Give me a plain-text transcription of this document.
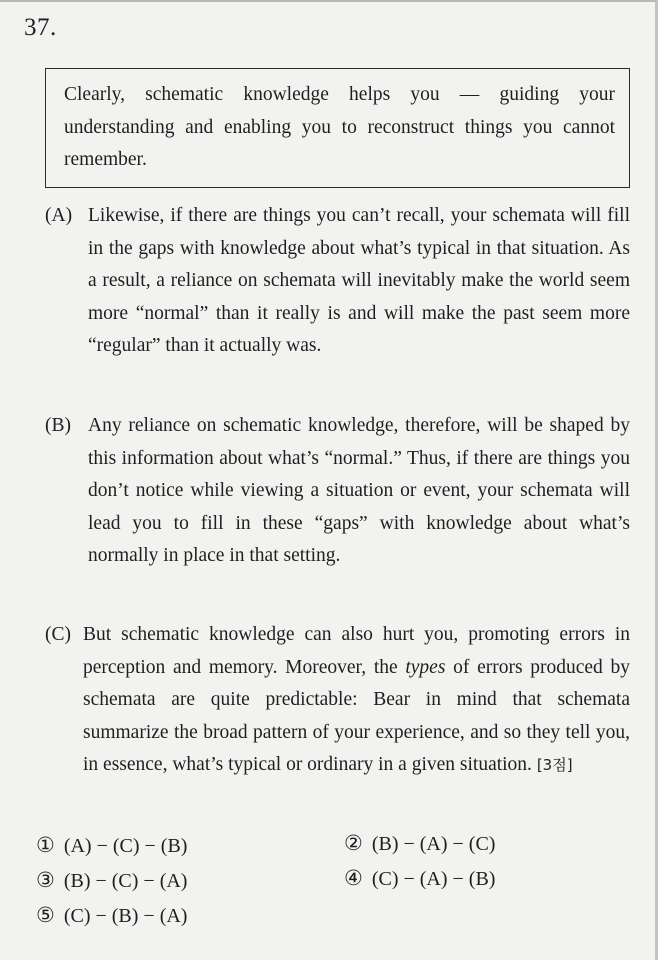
37.
Clearly, schematic knowledge helps you — guiding your understanding and enabling you to reconstruct things you cannot remember.
(A) Likewise, if there are things you can’t recall, your schemata will fill in the gaps with knowledge about what’s typical in that situation. As a result, a reliance on schemata will inevitably make the world seem more “normal” than it really is and will make the past seem more “regular” than it actually was.
(B) Any reliance on schematic knowledge, therefore, will be shaped by this information about what’s “normal.” Thus, if there are things you don’t notice while viewing a situation or event, your schemata will lead you to fill in these “gaps” with knowledge about what’s normally in place in that setting.
(C) But schematic knowledge can also hurt you, promoting errors in perception and memory. Moreover, the types of errors produced by schemata are quite predictable: Bear in mind that schemata summarize the broad pattern of your experience, and so they tell you, in essence, what’s typical or ordinary in a given situation. [3점]
① (A) − (C) − (B)	② (B) − (A) − (C)
③ (B) − (C) − (A)	④ (C) − (A) − (B)
⑤ (C) − (B) − (A)
